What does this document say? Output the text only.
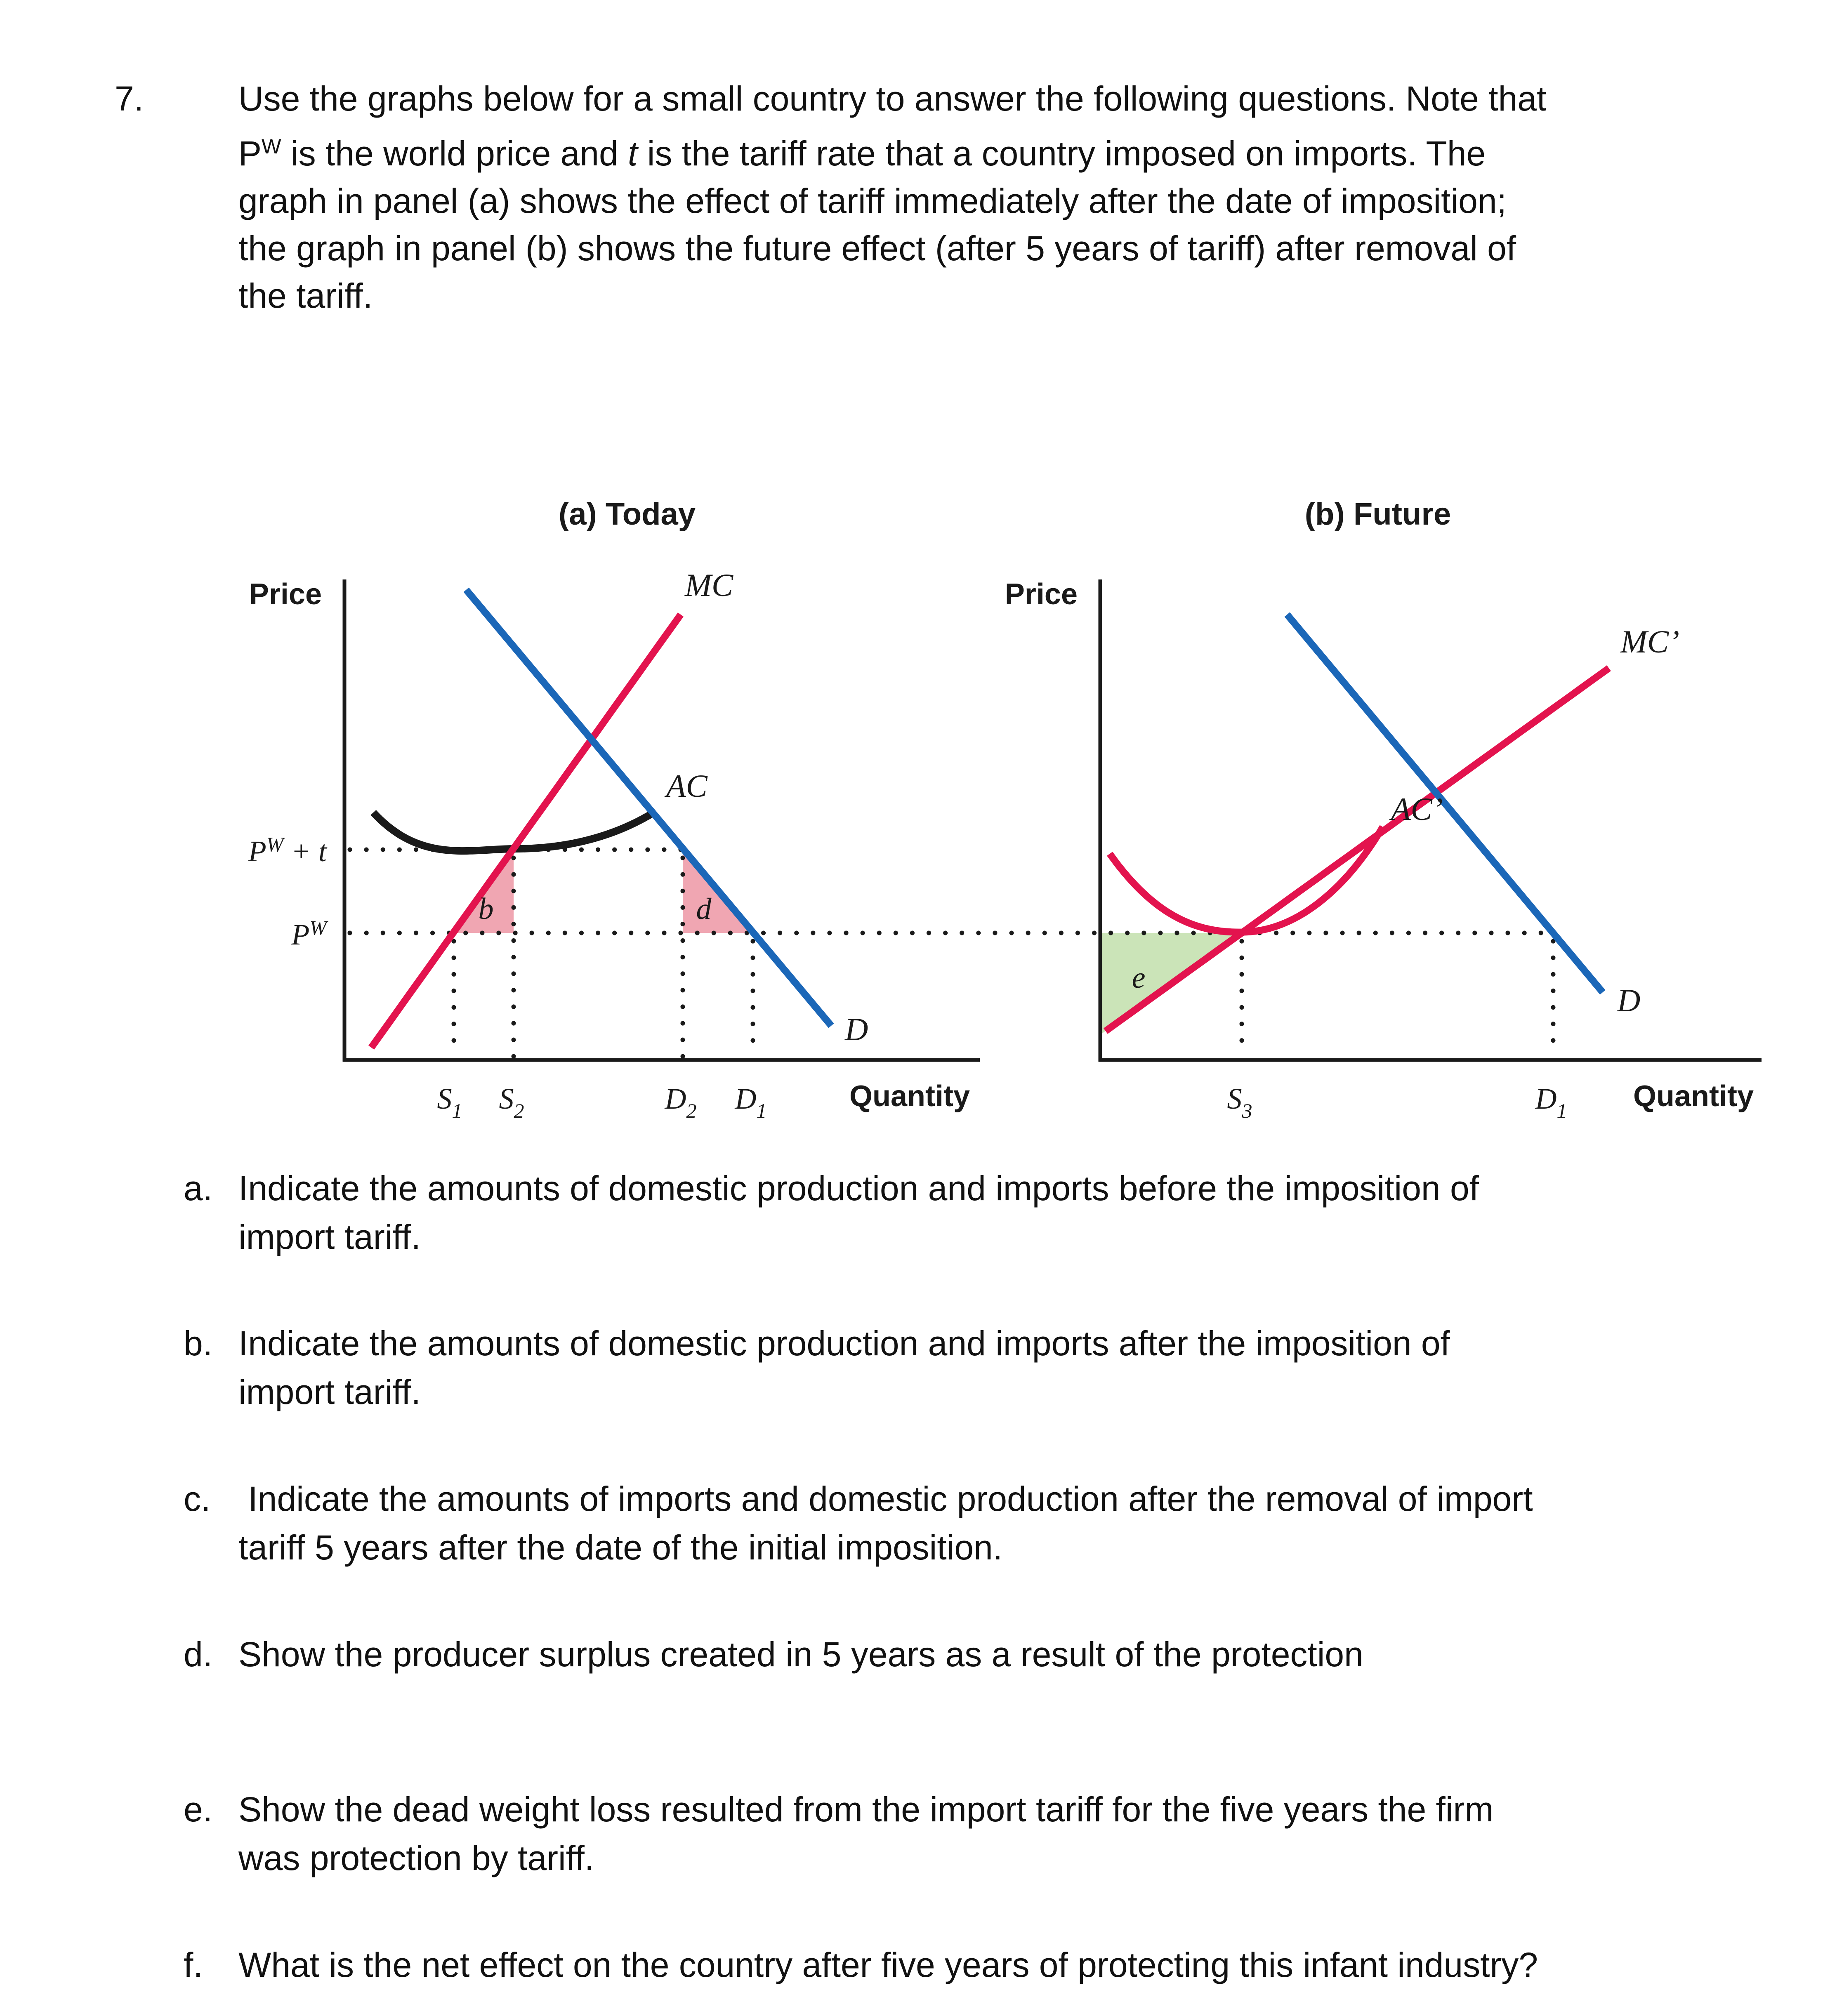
7.	Use the graphs below for a small country to answer the following questions. Note that
$P^W$ is the world price and t is the tariff rate that a country imposed on imports. The
graph in panel (a) shows the effect of tariff immediately after the date of imposition;
the graph in panel (b) shows the future effect (after 5 years of tariff) after removal of
the tariff.
(a) Today
Price
$P^W + t$
$P^W$
MC
AC
D
b	d
$S_1$ $S_2$	$D_2$ $D_1$	Quantity
(b) Future
Price
MC’
AC’
D
e
$S_3$	$D_1$ Quantity
a. Indicate the amounts of domestic production and imports before the imposition of
import tariff.
b. Indicate the amounts of domestic production and imports after the imposition of
import tariff.
c. Indicate the amounts of imports and domestic production after the removal of import
tariff 5 years after the date of the initial imposition.
d. Show the producer surplus created in 5 years as a result of the protection
e. Show the dead weight loss resulted from the import tariff for the five years the firm
was protection by tariff.
f. What is the net effect on the country after five years of protecting this infant industry?
